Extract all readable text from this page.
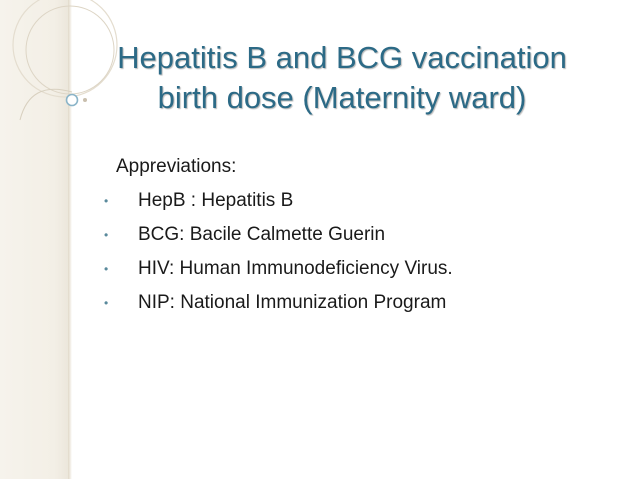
Hepatitis B and BCG vaccination
birth dose (Maternity ward)
Appreviations:
• HepB : Hepatitis B
• BCG: Bacile Calmette Guerin
• HIV: Human Immunodeficiency Virus.
• NIP: National Immunization Program
